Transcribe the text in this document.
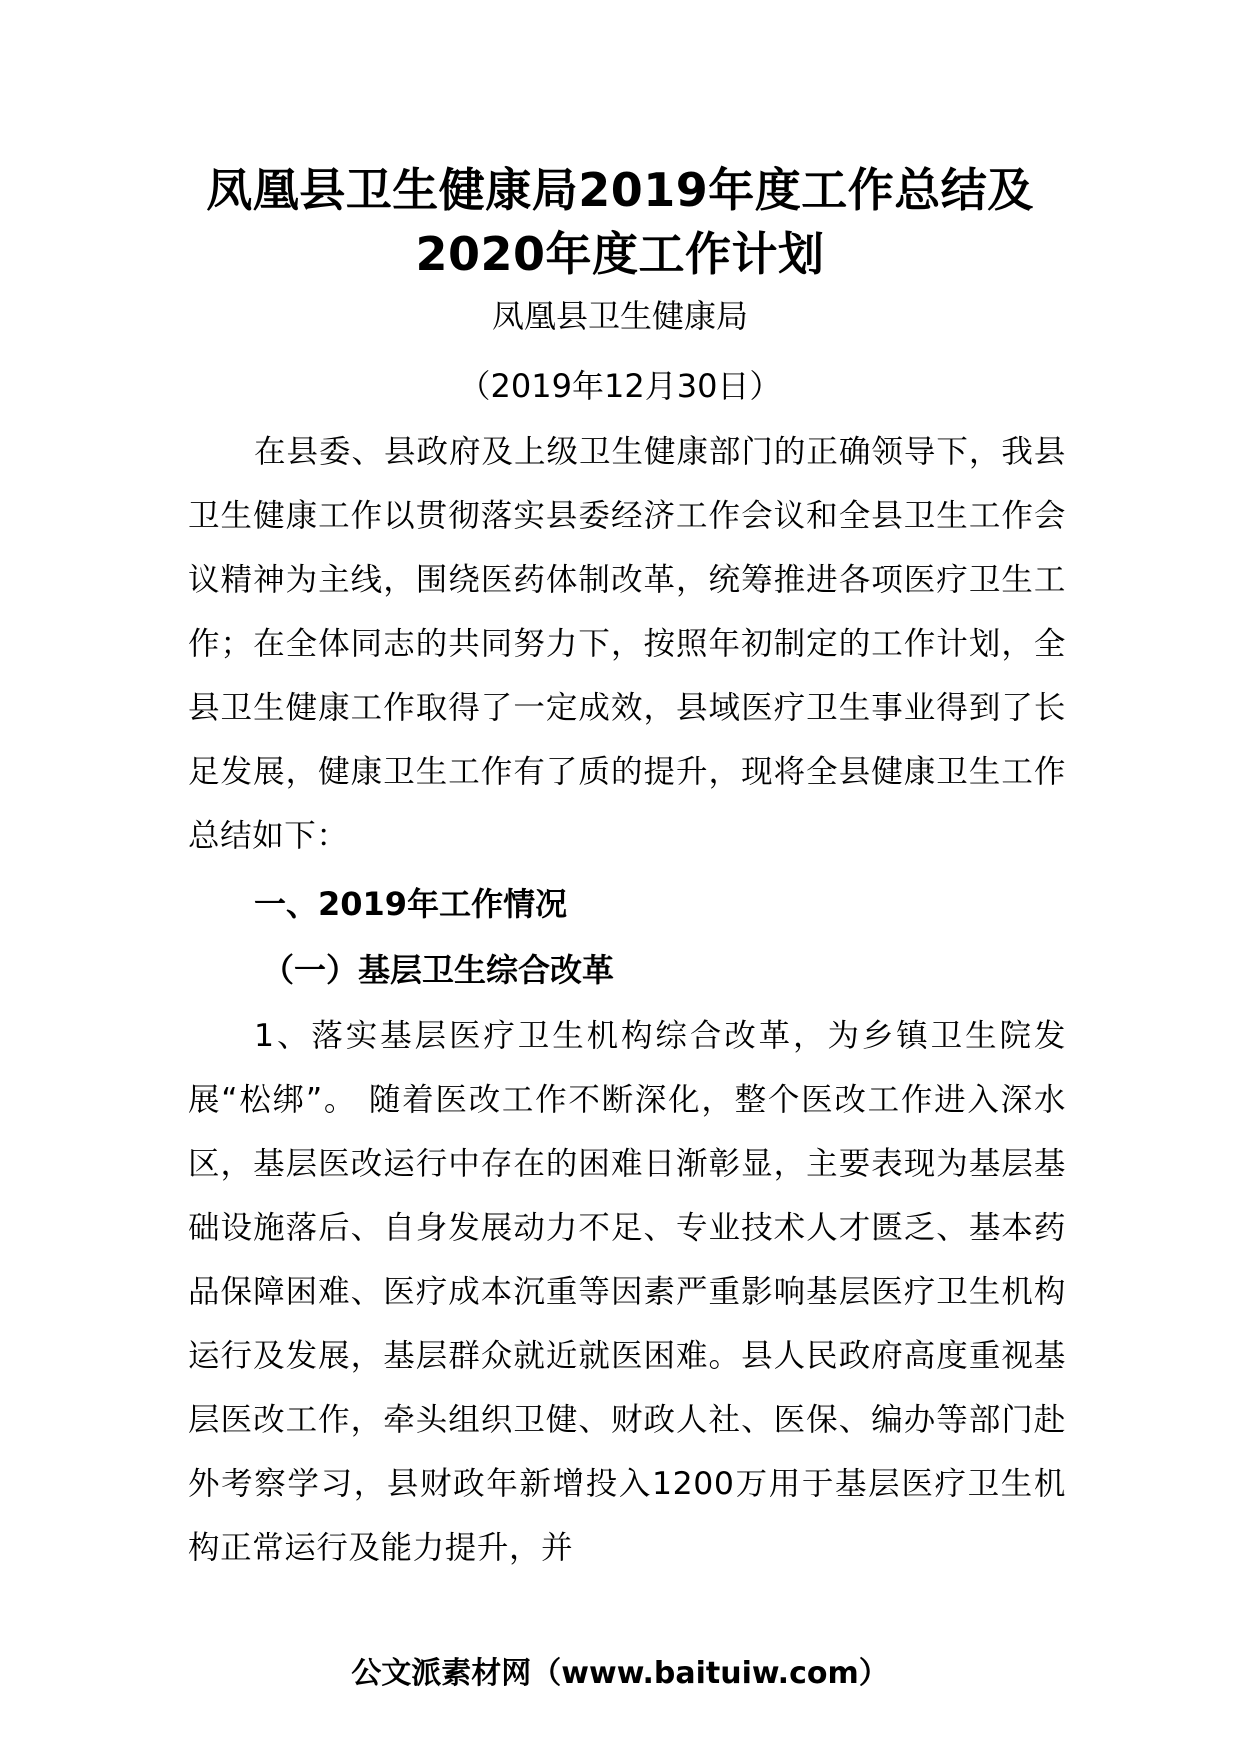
凤凰县卫生健康局2019年度工作总结及
2020年度工作计划
凤凰县卫生健康局
（2019年12月30日）

在县委、县政府及上级卫生健康部门的正确领导下，我县卫生健康工作以贯彻落实县委经济工作会议和全县卫生工作会议精神为主线，围绕医药体制改革，统筹推进各项医疗卫生工作；在全体同志的共同努力下，按照年初制定的工作计划，全县卫生健康工作取得了一定成效，县域医疗卫生事业得到了长足发展，健康卫生工作有了质的提升，现将全县健康卫生工作总结如下：

一、2019年工作情况
（一）基层卫生综合改革

1、落实基层医疗卫生机构综合改革，为乡镇卫生院发展“松绑”。 随着医改工作不断深化，整个医改工作进入深水区，基层医改运行中存在的困难日渐彰显，主要表现为基层基础设施落后、自身发展动力不足、专业技术人才匮乏、基本药品保障困难、医疗成本沉重等因素严重影响基层医疗卫生机构运行及发展，基层群众就近就医困难。县人民政府高度重视基层医改工作，牵头组织卫健、财政人社、医保、编办等部门赴外考察学习，县财政年新增投入1200万用于基层医疗卫生机构正常运行及能力提升，并

公文派素材网（www.baituiw.com）
